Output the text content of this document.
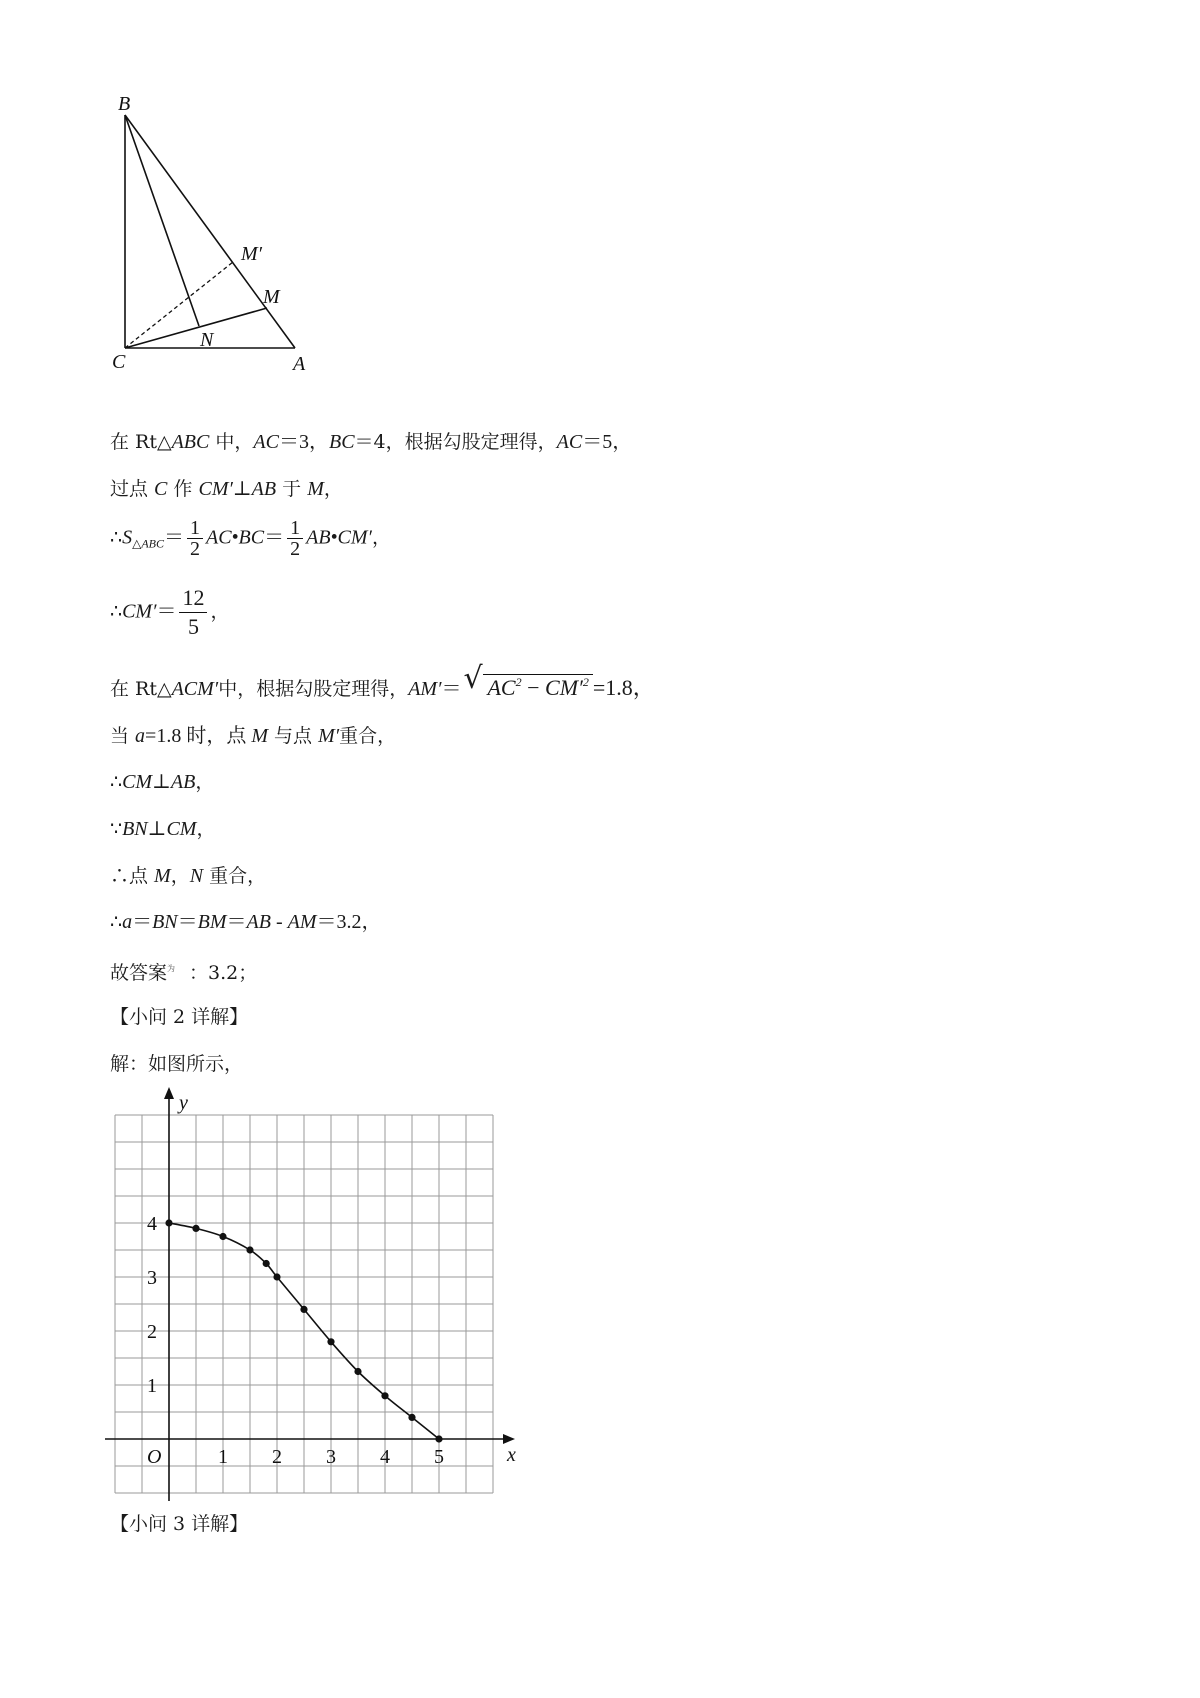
B
C	A
M′
M
N
在 Rt△ABC 中，AC＝3，BC＝4，根据勾股定理得，AC＝5，
过点 C 作 CM′⊥AB 于 M，
$\therefore S_{\triangle ABC}= \frac{1}{2}$ AC•BC＝ $\frac{1}{2}$ AB•CM′，
∴CM′＝ $\frac{12}{5}$ ，
在 Rt△ACM′中，根据勾股定理得，AM′＝ √ $AC^2 - CM'^2 =1.8$，
当 a=1.8 时，点 M 与点 M′重合，
∴CM⊥AB，
∵BN⊥CM，
∴点 M，N 重合，
∴a＝BN＝BM＝AB - AM＝3.2，
故答案$^为$ ：3.2；
【小问 2 详解】
解：如图所示，
x
y
O	1 2 3 4 5
1
2
3
4
【小问 3 详解】
